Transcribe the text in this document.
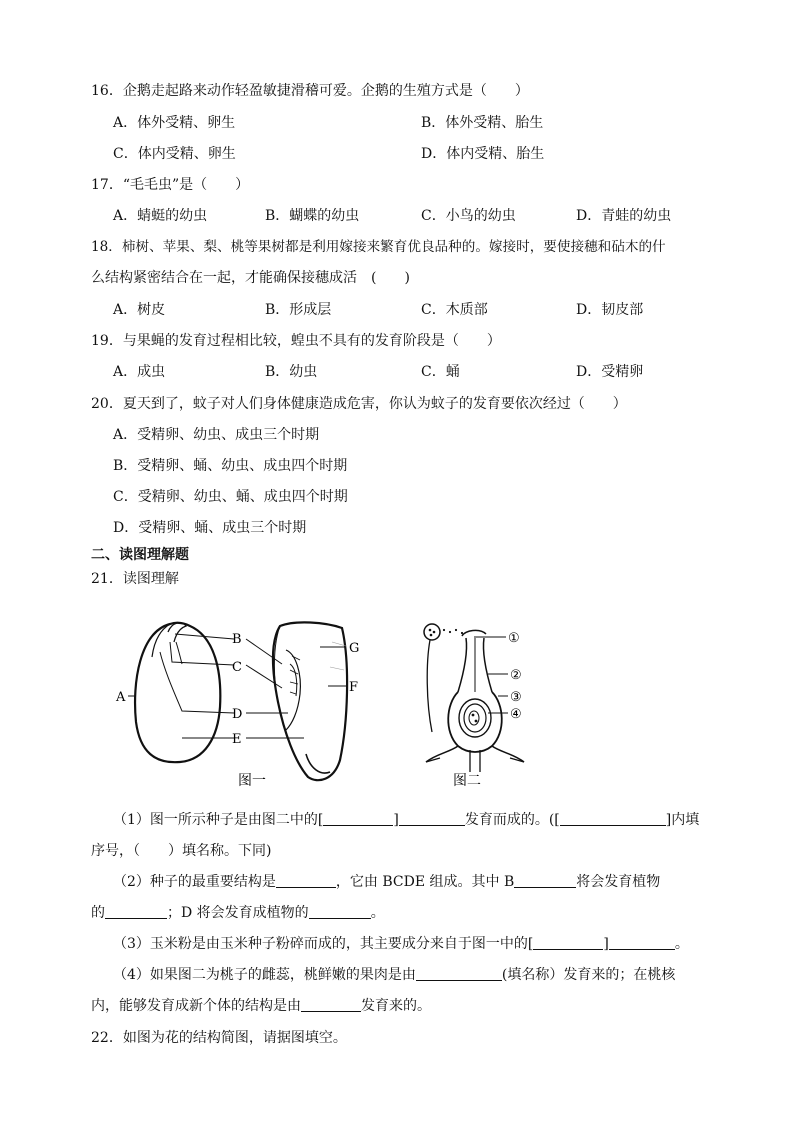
16．企鹅走起路来动作轻盈敏捷滑稽可爱。企鹅的生殖方式是（　　）
A．体外受精、卵生	B．体外受精、胎生
C．体内受精、卵生	D．体内受精、胎生
17．“毛毛虫”是（　　）
A．蜻蜓的幼虫	B．蝴蝶的幼虫	C．小鸟的幼虫	D．青蛙的幼虫
18．柿树、苹果、梨、桃等果树都是利用嫁接来繁育优良品种的。嫁接时，要使接穗和砧木的什
么结构紧密结合在一起，才能确保接穗成活　(　　)
A．树皮	B．形成层	C．木质部	D．韧皮部
19．与果蝇的发育过程相比较，蝗虫不具有的发育阶段是（　　）
A．成虫	B．幼虫	C．蛹	D．受精卵
20．夏天到了，蚊子对人们身体健康造成危害，你认为蚊子的发育要依次经过（　　）
A．受精卵、幼虫、成虫三个时期
B．受精卵、蛹、幼虫、成虫四个时期
C．受精卵、幼虫、蛹、成虫四个时期
D．受精卵、蛹、成虫三个时期
二、读图理解题
21．读图理解
A
B
C
D
E
F
G
图一
①
②
③
④
图二
（1）图一所示种子是由图二中的[	]	发育而成的。([	]内填
序号，（　　）填名称。下同)
（2）种子的最重要结构是	，它由 BCDE 组成。其中 B	将会发育植物
的	；D 将会发育成植物的	。
（3）玉米粉是由玉米种子粉碎而成的，其主要成分来自于图一中的[	]	。
（4）如果图二为桃子的雌蕊，桃鲜嫩的果肉是由	(填名称）发育来的；在桃核
内，能够发育成新个体的结构是由	发育来的。
22．如图为花的结构简图，请据图填空。
